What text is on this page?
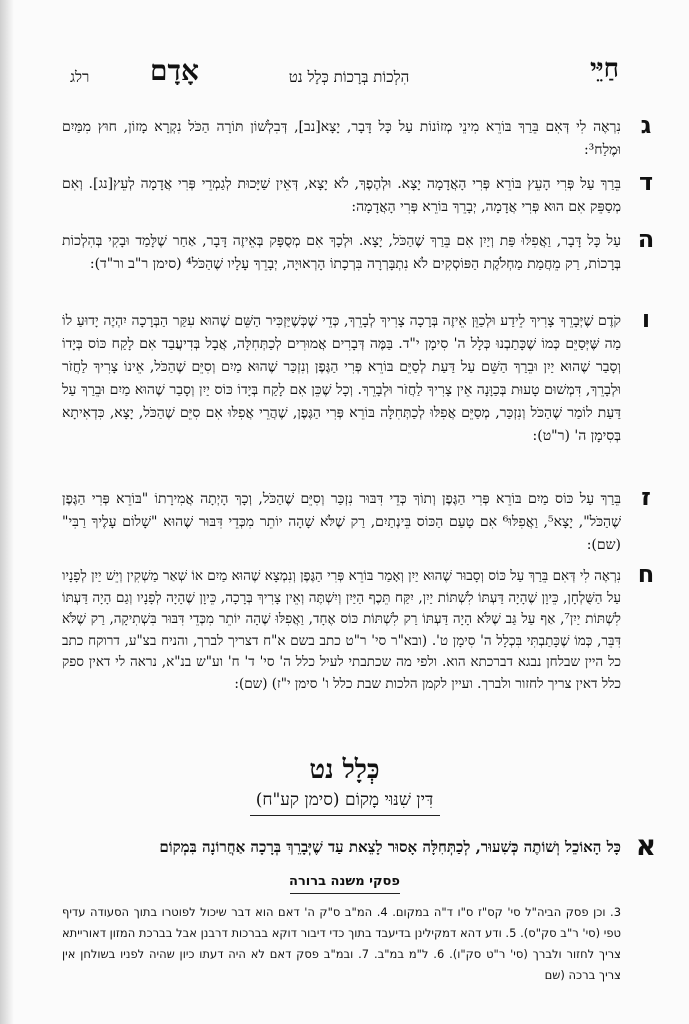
חַיֵּי
הִלְכוֹת בְּרָכוֹת כְּלָל נט
אָדָם
רלג
ג
נִרְאֶה לִי דְּאִם בֵּרַךְ בּוֹרֵא מִינֵי מְזוֹנוֹת עַל כָּל דָּבָר, יָצָא[נב], דְּבִלְשׁוֹן תּוֹרָה הַכֹּל נִקְרָא מָזוֹן, חוּץ מִמַּיִם וּמֶלַח³:
ד
בֵּרַךְ עַל פְּרִי הָעֵץ בּוֹרֵא פְּרִי הָאֲדָמָה יָצָא. וּלְהֶפֶךְ, לֹא יָצָא, דְּאֵין שַׁיָּכוּת לְגַמְרֵי פְּרִי אֲדָמָה לְעֵץ[נג]. וְאִם מְסַפֵּק אִם הוּא פְּרִי אֲדָמָה, יְבָרֵךְ בּוֹרֵא פְּרִי הָאֲדָמָה:
ה
עַל כָּל דָּבָר, וַאֲפִלּוּ פַּת וְיַיִן אִם בֵּרַךְ שֶׁהַכֹּל, יָצָא. וּלְכָךְ אִם מְסֻפָּק בְּאֵיזֶה דָּבָר, אַחַר שֶׁלָּמַד וּבָקִי בְּהִלְכוֹת בְּרָכוֹת, רַק מֵחֲמַת מַחְלֹקֶת הַפּוֹסְקִים לֹא נִתְבָּרְרָה בִּרְכָתוֹ הָרְאוּיָה, יְבָרֵךְ עָלָיו שֶׁהַכֹּל⁴ (סימן ר"ב ור"ד):
ו
קֹדֶם שֶׁיְּבָרֵךְ צָרִיךְ לֵידַע וּלְכַוֵּן אֵיזֶה בְּרָכָה צָרִיךְ לְבָרֵךְ, כְּדֵי שֶׁכְּשֶׁיַּזְכִּיר הַשֵּׁם שֶׁהוּא עִקַּר הַבְּרָכָה יִהְיֶה יָדוּעַ לוֹ מַה שֶּׁיְּסַיֵּם כְּמוֹ שֶׁכָּתַבְנוּ כְּלָל ה' סִימָן י"ד. בַּמֶּה דְּבָרִים אֲמוּרִים לְכַתְּחִלָּה, אֲבָל בְּדִיעֲבַד אִם לָקַח כּוֹס בְּיָדוֹ וְסָבַר שֶׁהוּא יַיִן וּבֵרַךְ הַשֵּׁם עַל דַּעַת לְסַיֵּם בּוֹרֵא פְּרִי הַגֶּפֶן וְנִזְכַּר שֶׁהוּא מַיִם וְסִיֵּם שֶׁהַכֹּל, אֵינוֹ צָרִיךְ לַחֲזֹר וּלְבָרֵךְ, דִּמְשׁוּם טָעוּת בְּכַוָּנָה אֵין צָרִיךְ לַחֲזֹר וּלְבָרֵךְ. וְכָל שֶׁכֵּן אִם לָקַח בְּיָדוֹ כּוֹס יַיִן וְסָבַר שֶׁהוּא מַיִם וּבֵרַךְ עַל דַּעַת לוֹמַר שֶׁהַכֹּל וְנִזְכַּר, מְסַיֵּם אֲפִלּוּ לְכַתְּחִלָּה בּוֹרֵא פְּרִי הַגֶּפֶן, שֶׁהֲרֵי אֲפִלּוּ אִם סִיֵּם שֶׁהַכֹּל, יָצָא, כִּדְאִיתָא בְּסִימָן ה' (ר"ט):
ז
בֵּרַךְ עַל כּוֹס מַיִם בּוֹרֵא פְּרִי הַגֶּפֶן וְתוֹךְ כְּדֵי דִּבּוּר נִזְכַּר וְסִיֵּם שֶׁהַכֹּל, וְכָךְ הָיְתָה אֲמִירָתוֹ "בּוֹרֵא פְּרִי הַגֶּפֶן שֶׁהַכֹּל", יָצָא⁵, וַאֲפִלּוּ⁶ אִם טָעַם הַכּוֹס בֵּינְתַיִם, רַק שֶׁלֹּא שָׁהָה יוֹתֵר מִכְּדֵי דִּבּוּר שֶׁהוּא "שָׁלוֹם עָלֶיךָ רַבִּי" (שם):
ח
נִרְאֶה לִי דְּאִם בֵּרַךְ עַל כּוֹס וְסָבוּר שֶׁהוּא יַיִן וְאָמַר בּוֹרֵא פְּרִי הַגֶּפֶן וְנִמְצָא שֶׁהוּא מַיִם אוֹ שְׁאַר מַשְׁקִין וְיֵשׁ יַיִן לְפָנָיו עַל הַשֻּׁלְחָן, כֵּיוָן שֶׁהָיָה דַּעְתּוֹ לִשְׁתּוֹת יַיִן, יִקַּח תֵּכֶף הַיַּיִן וְיִשְׁתֶּה וְאֵין צָרִיךְ בְּרָכָה, כֵּיוָן שֶׁהָיָה לְפָנָיו וְגַם הָיָה דַּעְתּוֹ לִשְׁתּוֹת יַיִן⁷, אַף עַל גַּב שֶׁלֹּא הָיָה דַּעְתּוֹ רַק לִשְׁתּוֹת כּוֹס אֶחָד, וַאֲפִלּוּ שֶׁהָה יוֹתֵר מִכְּדֵי דִּבּוּר בִּשְׁתִיקָה, רַק שֶׁלֹּא דִּבֵּר, כְּמוֹ שֶׁכָּתַבְתִּי בִּכְלָל ה' סִימָן ט'. (ובא"ר סי' ר"ט כתב בשם א"ח דצריך לברך, והניח בצ"ע, דרוקח כתב כל היין שבלחן נבגא דברכתא הוא. ולפי מה שכתבתי לעיל כלל ה' סי' ד' ח' וע"ש בנ"א, נראה לי דאין ספק כלל דאין צריך לחזור ולברך. ועיין לקמן הלכות שבת כלל ו' סימן י"ז) (שם):
כְּלָל נט
דִּין שִׁנּוּי מָקוֹם (סימן קע"ח)
א
כָּל הָאוֹכֵל וְשׁוֹתֶה כְּשִׁעוּר, לְכַתְּחִלָּה אָסוּר לָצֵאת עַד שֶׁיְּבָרֵךְ בְּרָכָה אַחֲרוֹנָה בִּמְקוֹם
פסקי משנה ברורה
3. וכן פסק הביה"ל סי' קס"ז ס"ו ד"ה במקום. 4. המ"ב ס"ק ה' דאם הוא דבר שיכול לפוטרו בתוך הסעודה עדיף טפי (סי' ר"ב סק"ס). 5. ודע דהא דמקילינן בדיעבד בתוך כדי דיבור דוקא בברכות דרבנן אבל בברכת המזון דאורייתא צריך לחזור ולברך (סי' ר"ט סק"ו). 6. ל"מ במ"ב. 7. ובמ"ב פסק דאם לא היה דעתו כיון שהיה לפניו בשולחן אין צריך ברכה (שם
